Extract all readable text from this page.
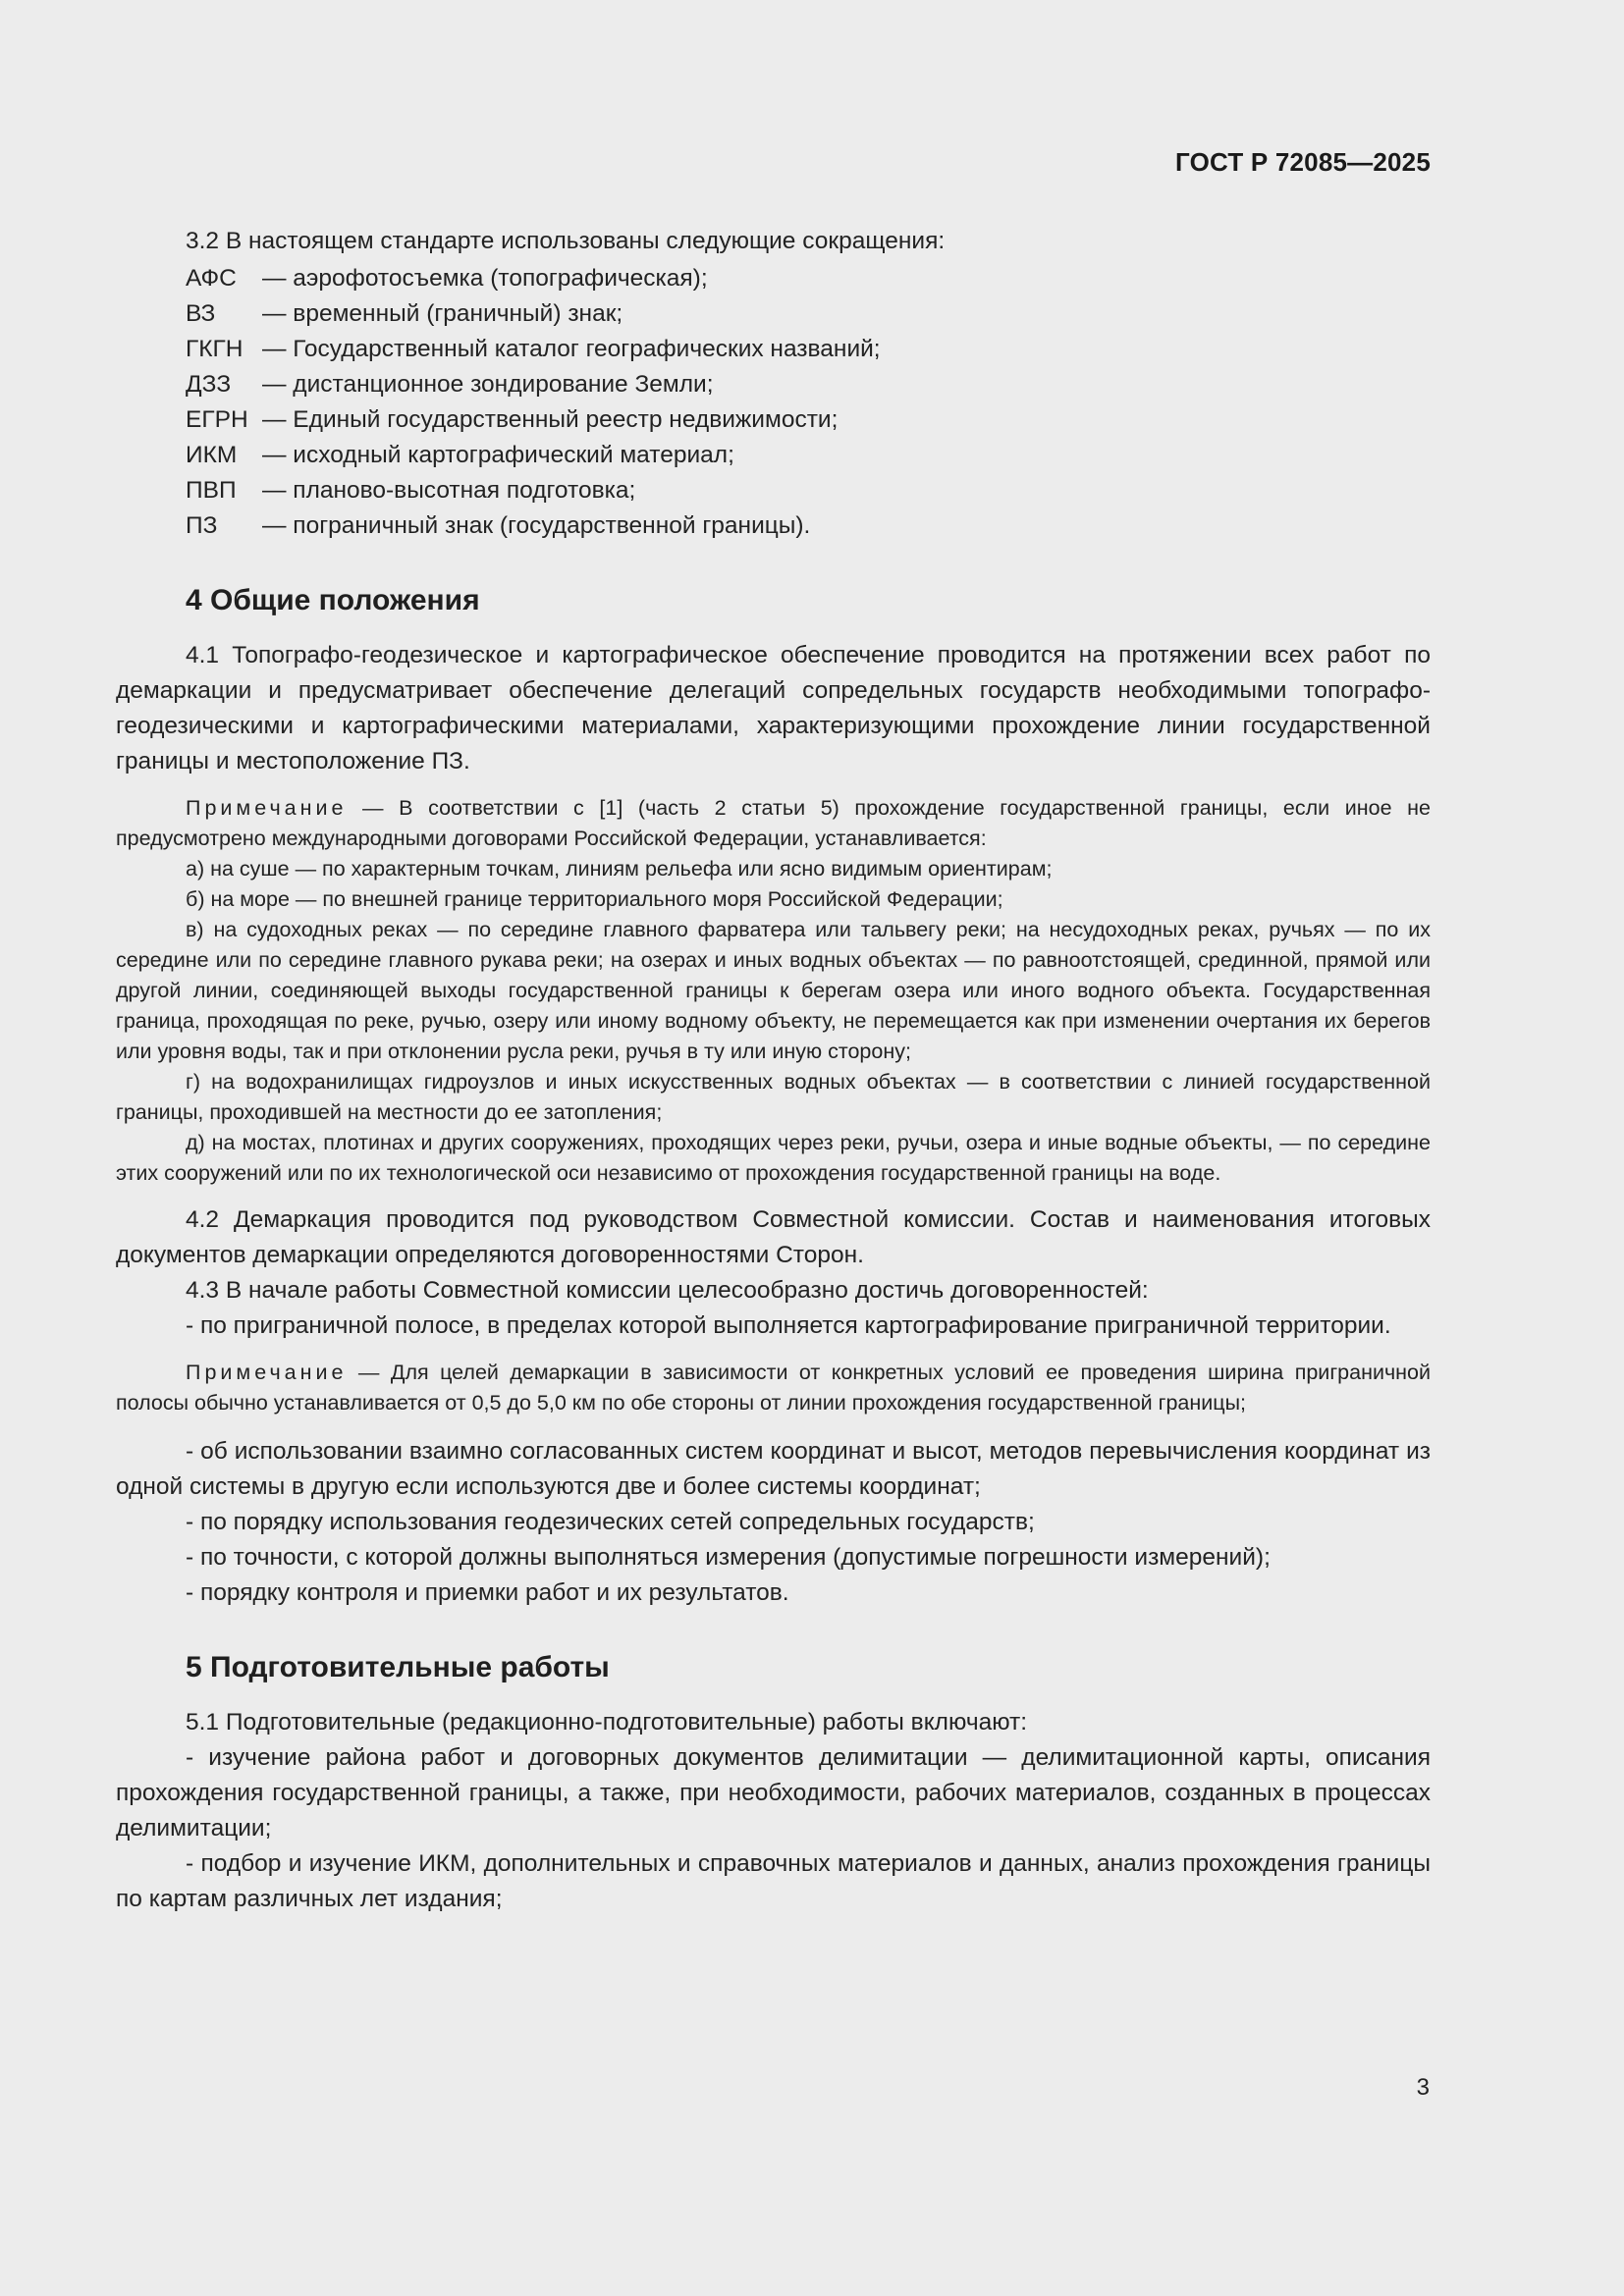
ГОСТ Р 72085—2025

3.2 В настоящем стандарте использованы следующие сокращения:

АФС	— аэрофотосъемка (топографическая);
ВЗ	— временный (граничный) знак;
ГКГН — Государственный каталог географических названий;
ДЗЗ	— дистанционное зондирование Земли;
ЕГРН — Единый государственный реестр недвижимости;
ИКМ	— исходный картографический материал;
ПВП	— планово-высотная подготовка;
ПЗ	— пограничный знак (государственной границы).
4 Общие положения

4.1 Топографо-геодезическое и картографическое обеспечение проводится на протяжении всех работ по демаркации и предусматривает обеспечение делегаций сопредельных государств необходимыми топографо-геодезическими и картографическими материалами, характеризующими прохождение линии государственной границы и местоположение ПЗ.

Примечание — В соответствии с [1] (часть 2 статьи 5) прохождение государственной границы, если иное не предусмотрено международными договорами Российской Федерации, устанавливается:

а) на суше — по характерным точкам, линиям рельефа или ясно видимым ориентирам;

б) на море — по внешней границе территориального моря Российской Федерации;

в) на судоходных реках — по середине главного фарватера или тальвегу реки; на несудоходных реках, ручьях — по их середине или по середине главного рукава реки; на озерах и иных водных объектах — по равноотстоящей, срединной, прямой или другой линии, соединяющей выходы государственной границы к берегам озера или иного водного объекта. Государственная граница, проходящая по реке, ручью, озеру или иному водному объекту, не перемещается как при изменении очертания их берегов или уровня воды, так и при отклонении русла реки, ручья в ту или иную сторону;

г) на водохранилищах гидроузлов и иных искусственных водных объектах — в соответствии с линией государственной границы, проходившей на местности до ее затопления;

д) на мостах, плотинах и других сооружениях, проходящих через реки, ручьи, озера и иные водные объекты, — по середине этих сооружений или по их технологической оси независимо от прохождения государственной границы на воде.

4.2 Демаркация проводится под руководством Совместной комиссии. Состав и наименования итоговых документов демаркации определяются договоренностями Сторон.

4.3 В начале работы Совместной комиссии целесообразно достичь договоренностей:

- по приграничной полосе, в пределах которой выполняется картографирование приграничной территории.

Примечание — Для целей демаркации в зависимости от конкретных условий ее проведения ширина приграничной полосы обычно устанавливается от 0,5 до 5,0 км по обе стороны от линии прохождения государственной границы;

- об использовании взаимно согласованных систем координат и высот, методов перевычисления координат из одной системы в другую если используются две и более системы координат;

- по порядку использования геодезических сетей сопредельных государств;

- по точности, с которой должны выполняться измерения (допустимые погрешности измерений);

- порядку контроля и приемки работ и их результатов.

5 Подготовительные работы

5.1 Подготовительные (редакционно-подготовительные) работы включают:

- изучение района работ и договорных документов делимитации — делимитационной карты, описания прохождения государственной границы, а также, при необходимости, рабочих материалов, созданных в процессах делимитации;

- подбор и изучение ИКМ, дополнительных и справочных материалов и данных, анализ прохождения границы по картам различных лет издания;

3
